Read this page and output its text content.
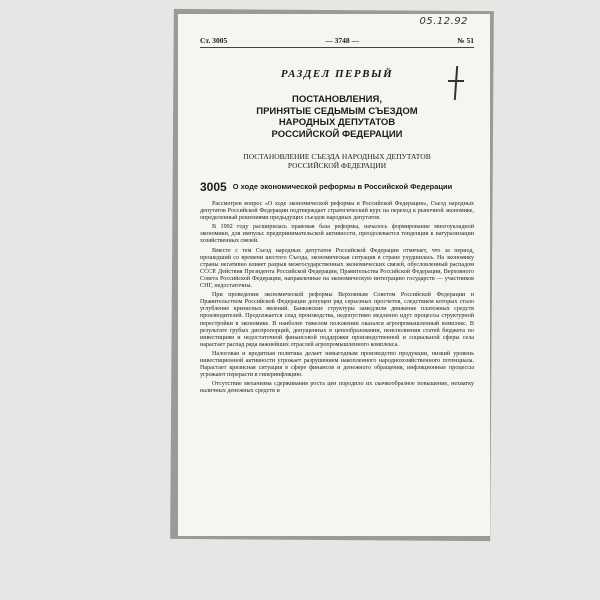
05.12.92
Ст. 3005	— 3748 —	№ 51
РАЗДЕЛ ПЕРВЫЙ
ПОСТАНОВЛЕНИЯ,
ПРИНЯТЫЕ СЕДЬМЫМ СЪЕЗДОМ
НАРОДНЫХ ДЕПУТАТОВ
РОССИЙСКОЙ ФЕДЕРАЦИИ
ПОСТАНОВЛЕНИЕ СЪЕЗДА НАРОДНЫХ ДЕПУТАТОВ
РОССИЙСКОЙ ФЕДЕРАЦИИ
3005 О ходе экономической реформы в Российской Федерации

Рассмотрев вопрос «О ходе экономической реформы в Российской Федерации», Съезд народных депутатов Российской Федерации подтверждает стратегический курс на переход к рыночной экономике, определенный решениями предыдущих съездов народных депутатов.

В 1992 году расширилась правовая база реформы, началось формирование многоукладной экономики, для импульс предпринимательской активности, преодолевается тенденция к натурализации хозяйственных связей.

Вместе с тем Съезд народных депутатов Российской Федерации отмечает, что за период, прошедший со времени шестого Съезда, экономическая ситуация в стране ухудшилась. На экономику страны негативно влияет разрыв межгосударственных экономических связей, обусловленный распадом СССР. Действия Президента Российской Федерации, Правительства Российской Федерации, Верховного Совета Российской Федерации, направленные на экономическую интеграцию государств — участников СНГ, недостаточны.

При проведении экономической реформы Верховным Советом Российской Федерации и Правительством Российской Федерации допущен ряд серьезных просчетов, следствием которых стало углубление кризисных явлений. Банковские структуры замедлили движение платежных средств производителей. Продолжается спад производства, недопустимо медленно идут процессы структурной перестройки в экономике. В наиболее тяжелом положении оказался агропромышленный комплекс. В результате грубых диспропорций, допущенных в ценообразовании, неисполнения статей бюджета по инвестициям и недостаточной финансовой поддержки производственной и социальной сферы села нарастает распад ряда важнейших отраслей агропромышленного комплекса.

Налоговая и кредитная политика делает невыгодным производство продукции, низкий уровень инвестиционной активности угрожает разрушением накопленного народнохозяйственного потенциала. Нарастает кризисная ситуация в сфере финансов и денежного обращения, инфляционные процессы угрожают перерасти в гиперинфляцию.

Отсутствие механизма сдерживания роста цен породило их скачкообразное повышение, нехватку наличных денежных средств и
